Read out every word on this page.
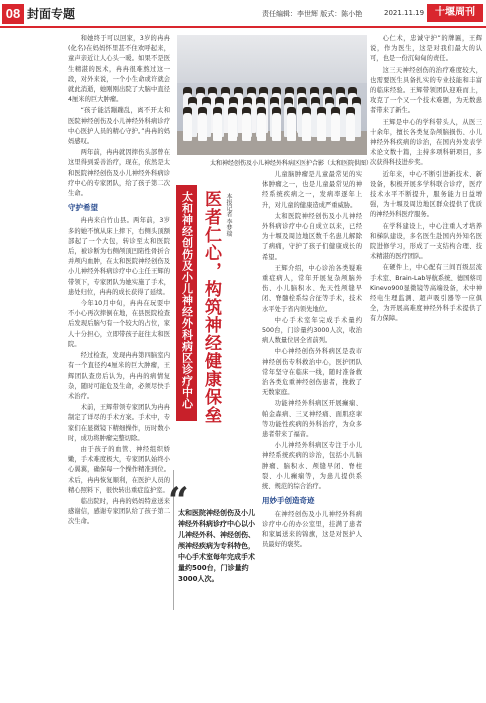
08 封面专题	责任编辑：李世辉 版式：陈小艳	2021.11.19	十堰周刊

和她终于可以回家，3岁的冉冉(化名)在妈妈怀里甚不住欢呼起来，童声亲近让人心头一暖。如果不是医生精湛的医术，冉冉很难熬过这一段，对外来说，一个小生命或许就会就此消逝，她刚刚出院了大脑中直径4厘米的巨大肿瘤。

“孩子能活蹦蹦乱，离不开太和医院神经创伤及小儿神经外科病诊疗中心医护人员的精心守护。”冉冉的妈妈感叹。

两年前，冉冉就因摔伤头部曾在这里得到妥善治疗，现在，依然是太和医院神经创伤及小儿神经外科病诊疗中心的专家团队，给了孩子第二次生命。

守护希望

冉冉来自竹山县。两年前，3岁多的她不慎从床上摔下，右侧头顶额部起了一个大包，转诊至太和医院后，被诊断为右侧颅顶凹陷性骨折合并颅内血肿，在太和医院神经创伤及小儿神经外科病诊疗中心主任王辉的带领下，专家团队为她实施了手术，患处归位，冉冉的成长获得了延续。

今年10月中旬，冉冉在玩耍中不小心再次摔倒在地，在县医院检查后发现后脑勺有一个较大的占位，家人十分担心，立即带孩子赶往太和医院。

经过检查，发现冉冉第四脑室内有一个直径约4厘米的巨大肿瘤，王辉团队查房后认为，冉冉的病情复杂，随时可能危及生命，必须尽快手术治疗。

术前，王辉带领专家团队为冉冉制定了详尽的手术方案。手术中，专家们在显微镜下精细操作，历时数小时，成功将肿瘤完整切除。

由于孩子的血管、神经组织娇嫩，手术难度极大，专家团队始终小心翼翼，确保每一个操作精准到位。术后，冉冉恢复顺利，在医护人员的精心照料下，很快转出重症监护室。

临出院时，冉冉的妈妈特意送来感谢信，感谢专家团队给了孩子第二次生命。

太和神经创伤及小儿神经外科病区医护合影（太和医院供图）
太和神经创伤及小儿神经外科病区诊疗中心 医者仁心，构筑神经健康保垒 本报记者 李梦瑞
“
太和医院神经创伤及小儿神经外科病诊疗中心以小儿神经外科、神经创伤、颅神经疾病为专科特色，中心手术室每年完成手术量约500台，门诊量约3000人次。

儿童脑肿瘤是儿童最常见的实体肿瘤之一，也是儿童最常见的神经系统疾病之一，发病率逐年上升，对儿童的健康造成严重威胁。

太和医院神经创伤及小儿神经外科病诊疗中心自成立以来，已经为十堰及周边地区数千名患儿解除了病痛，守护了孩子们健康成长的希望。

王辉介绍，中心诊治各类疑难重症病人，常年开展复杂颅脑外伤、小儿脑积水、先天性颅缝早闭、脊髓栓系综合征等手术，技术水平处于省内领先地位。

中心手术室年完成手术量约500台，门诊量约3000人次，收治病人数量位居全省前列。

中心神经创伤外科病区是我市神经创伤专科救治中心，医护团队常年坚守在临床一线，随时准备救治各类危重神经创伤患者，挽救了无数家庭。

功能神经外科病区开展癫痫、帕金森病、三叉神经痛、面肌痉挛等功能性疾病的外科治疗，为众多患者带来了福音。

小儿神经外科病区专注于小儿神经系统疾病的诊治，包括小儿脑肿瘤、脑积水、颅缝早闭、脊柱裂、小儿癫痫等，为患儿提供系统、规范的综合治疗。

用妙手创造奇迹

在神经创伤及小儿神经外科病诊疗中心的办公室里，挂满了患者和家属送来的锦旗，这是对医护人员最好的褒奖。

心仁术，忠诚守护”的牌匾，王辉说，作为医生，这是对我们最大的认可，也是一份沉甸甸的责任。

这三天神经创伤的治疗难度较大，也需要医生具备扎实的专业技能和丰富的临床经验。王辉带领团队迎难而上，攻克了一个又一个技术难题，为无数患者带来了新生。

王辉是中心的学科带头人，从医三十余年，擅长各类复杂颅脑损伤、小儿神经外科疾病的诊治，在国内外发表学术论文数十篇，主持多项科研项目，多次获得科技进步奖。

近年来，中心不断引进新技术、新设备，积极开展多学科联合诊疗，医疗技术水平不断提升，服务能力日益增强，为十堰及周边地区群众提供了优质的神经外科医疗服务。

在学科建设上，中心注重人才培养和梯队建设，多名医生赴国内外知名医院进修学习，形成了一支结构合理、技术精湛的医疗团队。

在硬件上，中心配有三间百级层流手术室、Brain-Lab导航系统、德国蔡司Kinevo900显微镜等高端设备，术中神经电生理监测、超声吸引器等一应俱全，为开展高难度神经外科手术提供了有力保障。
